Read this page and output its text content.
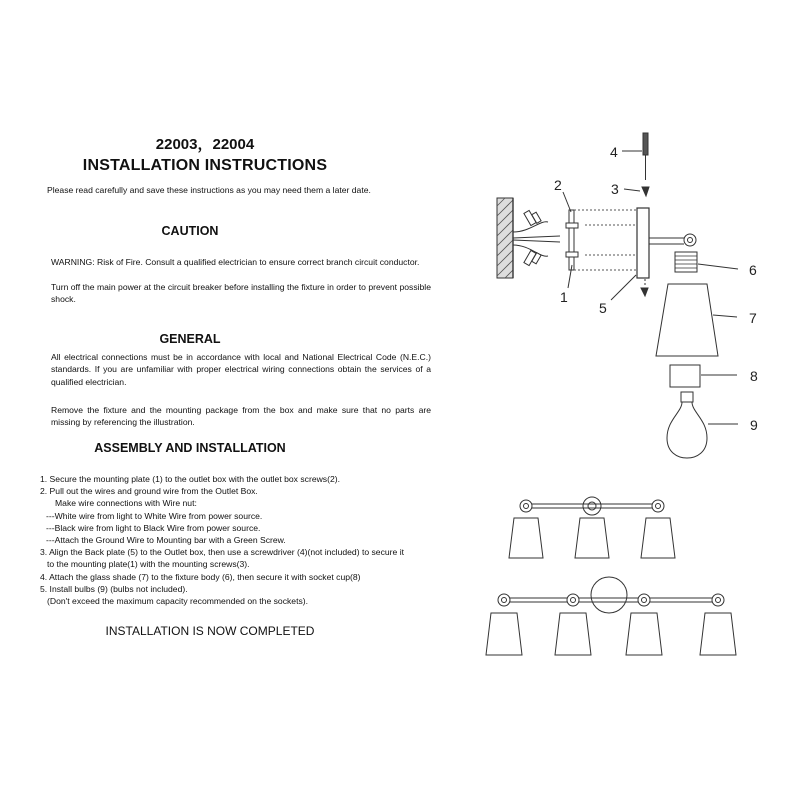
22003，22004
INSTALLATION INSTRUCTIONS
Please read carefully and save these instructions as you may need them a later date.
CAUTION
WARNING: Risk of Fire. Consult a qualified electrician to ensure correct branch circuit conductor.
Turn off the main power at the circuit breaker before installing the fixture in order to prevent possible shock.
GENERAL
All electrical connections must be in accordance with local and National Electrical Code (N.E.C.) standards. If you are unfamiliar with proper electrical wiring connections obtain the services of a qualified electrician.
Remove the fixture and the mounting package from the box and make sure that no parts are missing by referencing the illustration.
ASSEMBLY AND INSTALLATION
1. Secure the mounting plate (1) to the outlet box with the outlet box screws(2).
2. Pull out the wires and ground wire from the Outlet Box.
Make wire connections with Wire nut:
---White wire from light to White Wire from power source.
---Black wire from light to Black Wire from power source.
---Attach the Ground Wire to Mounting bar with a Green Screw.
3. Align the Back plate (5) to the Outlet box, then use a screwdriver (4)(not included) to secure it
to the mounting plate(1) with the mounting screws(3).
4. Attach the glass shade (7) to the fixture body (6), then secure it with socket cup(8)
5. Install bulbs (9) (bulbs not included).
(Don't exceed the maximum capacity recommended on the sockets).
INSTALLATION IS NOW COMPLETED
1
2	3
4
5
6
7
8
9
